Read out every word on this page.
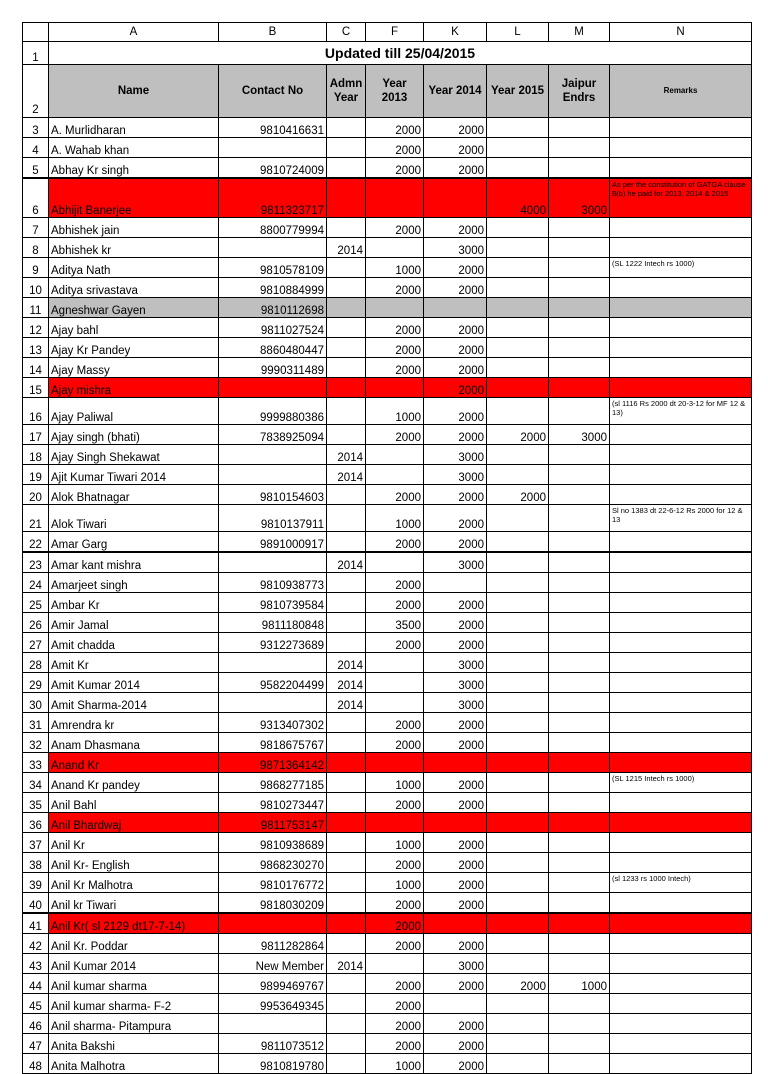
	A	B	C	F	K	L	M	N
1	Updated till 25/04/2015							
2	Name	Contact No	Admn Year	Year 2013	Year 2014	Year 2015	Jaipur Endrs	Remarks
3	A. Murlidharan	9810416631		2000	2000			
4	A. Wahab khan			2000	2000			
5	Abhay Kr singh	9810724009		2000	2000			
6	Abhijit Banerjee	9811323717				4000	3000	As per the constitution of GATGA clause 8(b) he paid for 2013, 2014 & 2015
7	Abhishek jain	8800779994		2000	2000			
8	Abhishek kr		2014		3000			
9	Aditya Nath	9810578109		1000	2000			(SL 1222 Intech rs 1000)
10	Aditya srivastava	9810884999		2000	2000			
11	Agneshwar Gayen	9810112698						
12	Ajay bahl	9811027524		2000	2000			
13	Ajay Kr Pandey	8860480447		2000	2000			
14	Ajay Massy	9990311489		2000	2000			
15	Ajay mishra				2000			
16	Ajay Paliwal	9999880386		1000	2000			(sl 1116 Rs 2000 dt 20-3-12 for MF 12 & 13)
17	Ajay singh (bhati)	7838925094		2000	2000	2000	3000	
18	Ajay Singh Shekawat		2014		3000			
19	Ajit Kumar Tiwari 2014		2014		3000			
20	Alok Bhatnagar	9810154603		2000	2000	2000		
21	Alok Tiwari	9810137911		1000	2000			Sl no 1383 dt 22-6-12 Rs 2000 for 12 & 13
22	Amar Garg	9891000917		2000	2000			
23	Amar kant mishra		2014		3000			
24	Amarjeet singh	9810938773		2000				
25	Ambar Kr	9810739584		2000	2000			
26	Amir Jamal	9811180848		3500	2000			
27	Amit chadda	9312273689		2000	2000			
28	Amit Kr		2014		3000			
29	Amit Kumar 2014	9582204499	2014		3000			
30	Amit Sharma-2014		2014		3000			
31	Amrendra kr	9313407302		2000	2000			
32	Anam Dhasmana	9818675767		2000	2000			
33	Anand Kr	9871364142						
34	Anand Kr pandey	9868277185		1000	2000			(SL 1215 Intech rs 1000)
35	Anil Bahl	9810273447		2000	2000			
36	Anil Bhardwaj	9811753147						
37	Anil Kr	9810938689		1000	2000			
38	Anil Kr- English	9868230270		2000	2000			
39	Anil Kr Malhotra	9810176772		1000	2000			(sl 1233 rs 1000 Intech)
40	Anil kr Tiwari	9818030209		2000	2000			
41	Anil Kr( sl 2129 dt17-7-14)			2000				
42	Anil Kr. Poddar	9811282864		2000	2000			
43	Anil Kumar 2014	New Member	2014		3000			
44	Anil kumar sharma	9899469767		2000	2000	2000	1000	
45	Anil kumar sharma- F-2	9953649345		2000				
46	Anil sharma- Pitampura			2000	2000			
47	Anita Bakshi	9811073512		2000	2000			
48	Anita Malhotra	9810819780		1000	2000			
